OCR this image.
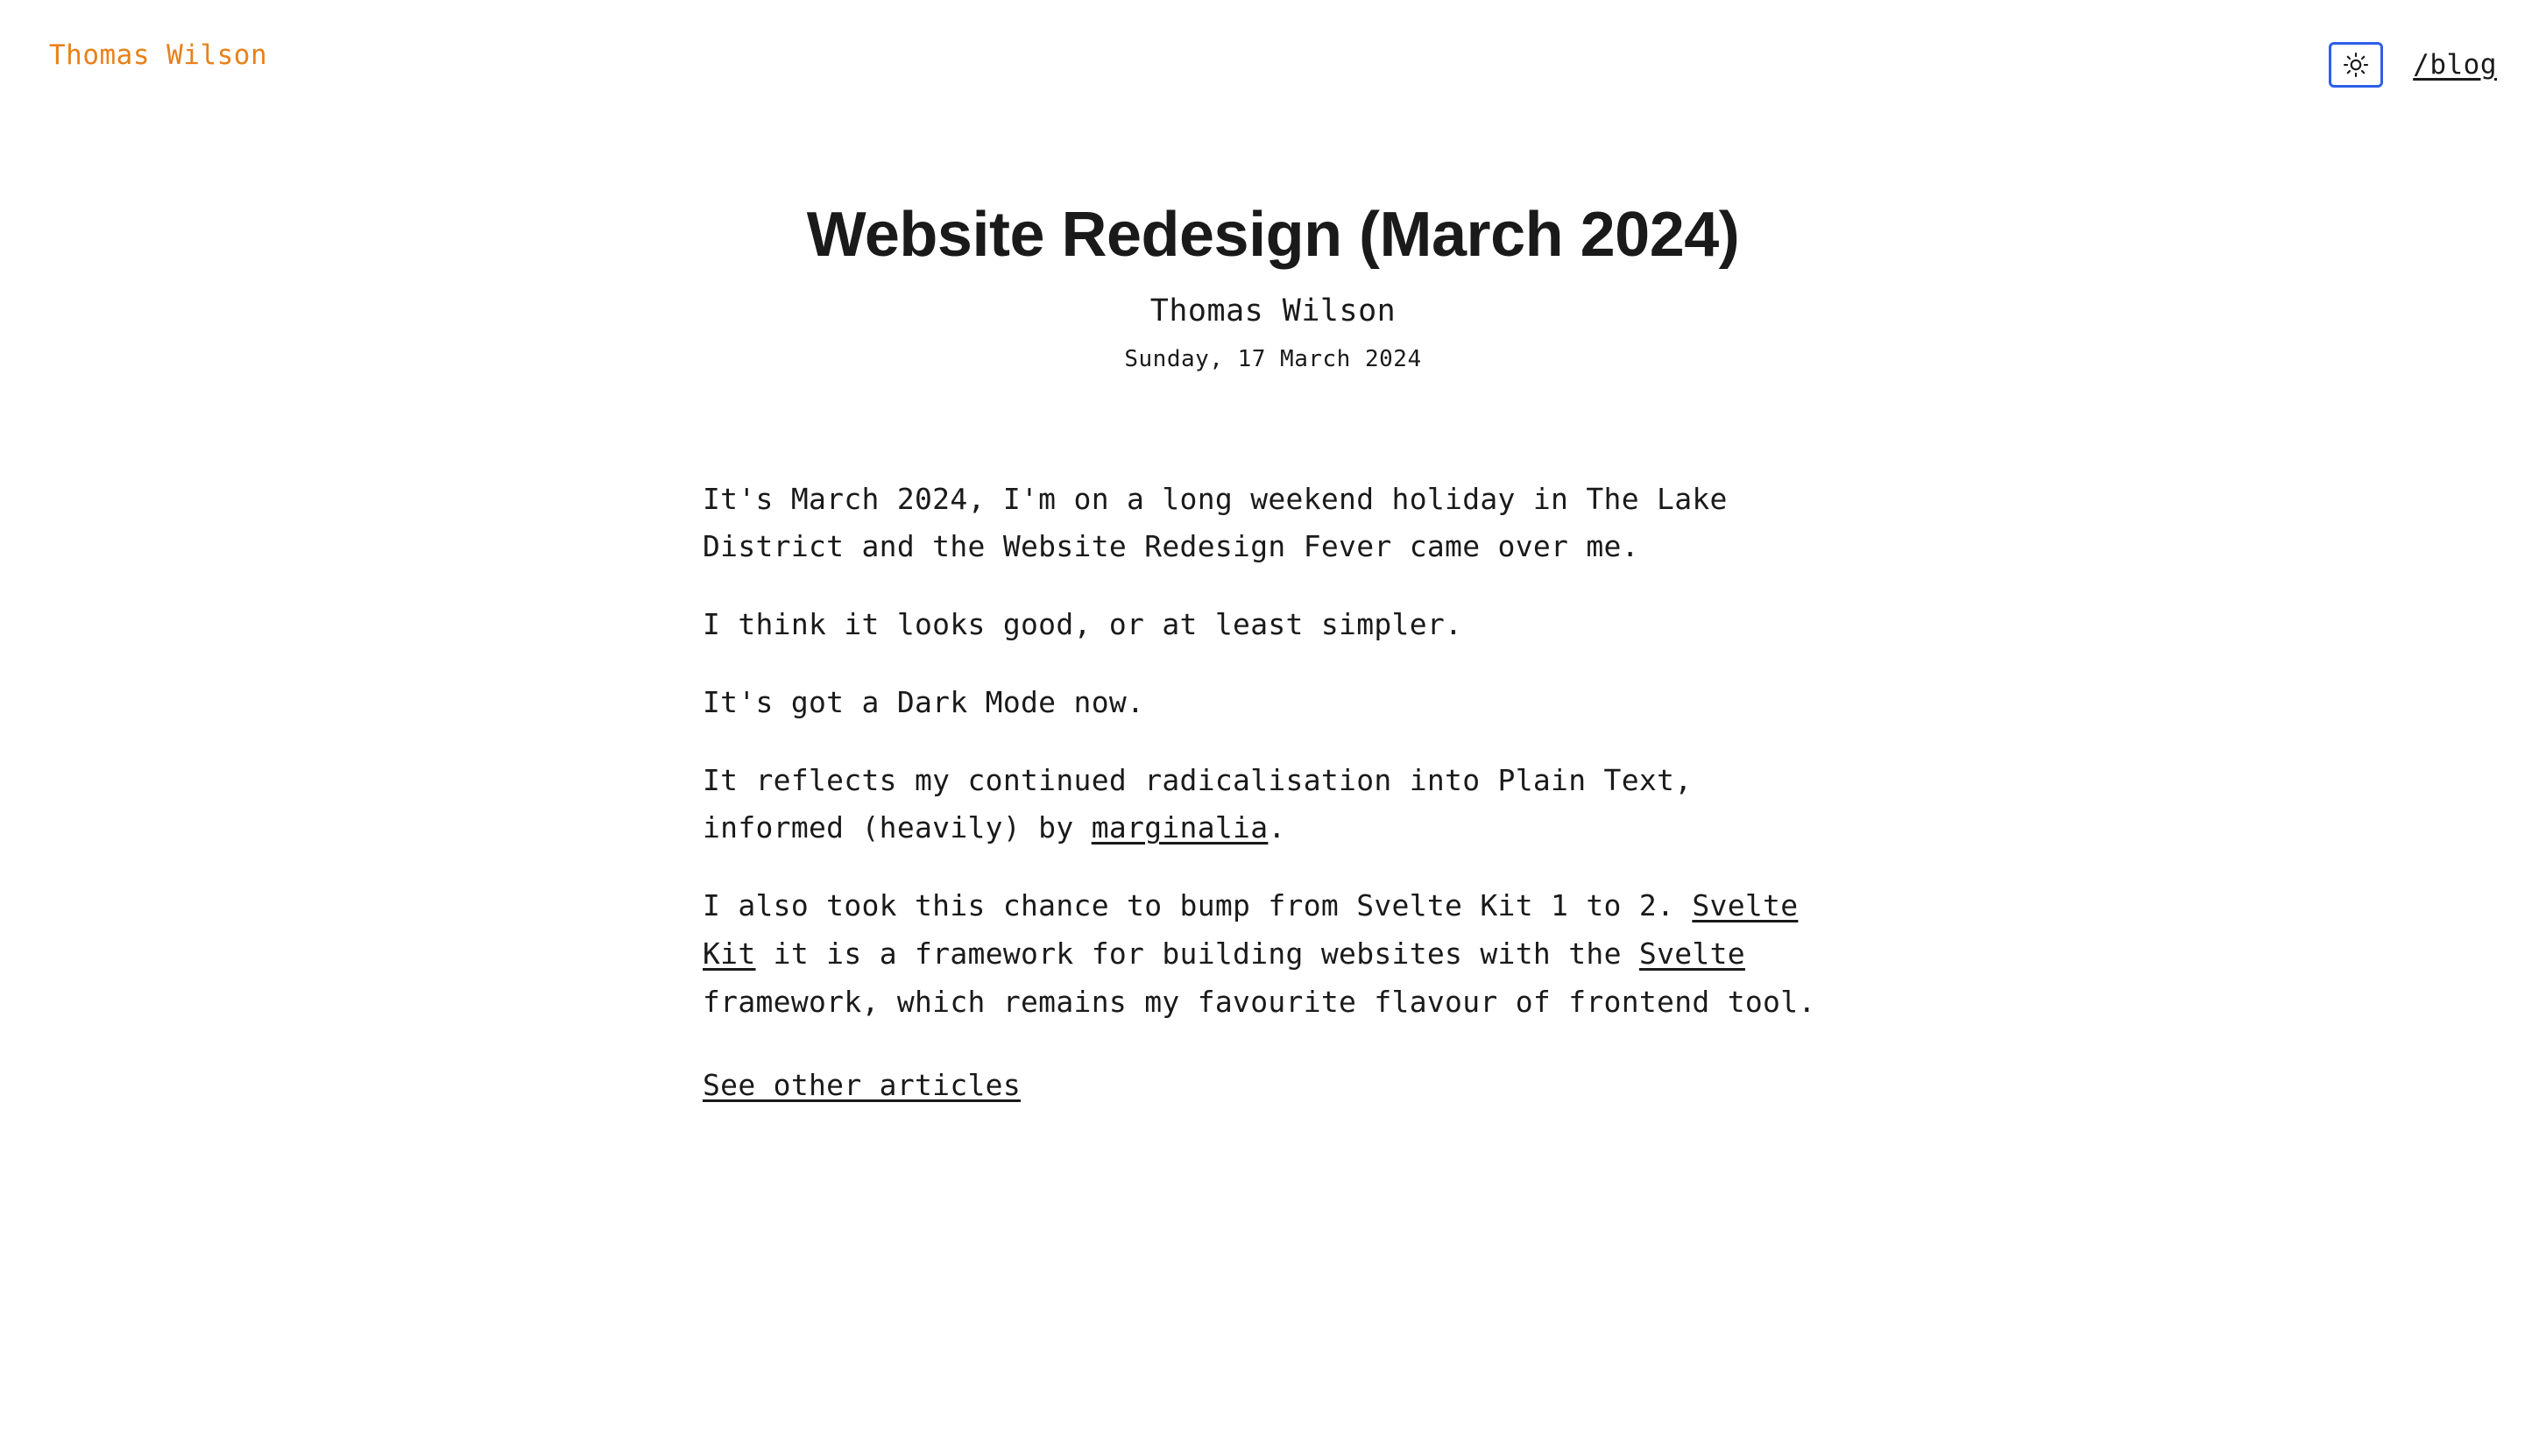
Thomas Wilson	/blog
Website Redesign (March 2024)
Thomas Wilson
Sunday, 17 March 2024

It's March 2024, I'm on a long weekend holiday in The Lake District and the Website Redesign Fever came over me.

I think it looks good, or at least simpler.

It's got a Dark Mode now.

It reflects my continued radicalisation into Plain Text, informed (heavily) by marginalia.

I also took this chance to bump from Svelte Kit 1 to 2. Svelte Kit it is a framework for building websites with the Svelte framework, which remains my favourite flavour of frontend tool.

See other articles
